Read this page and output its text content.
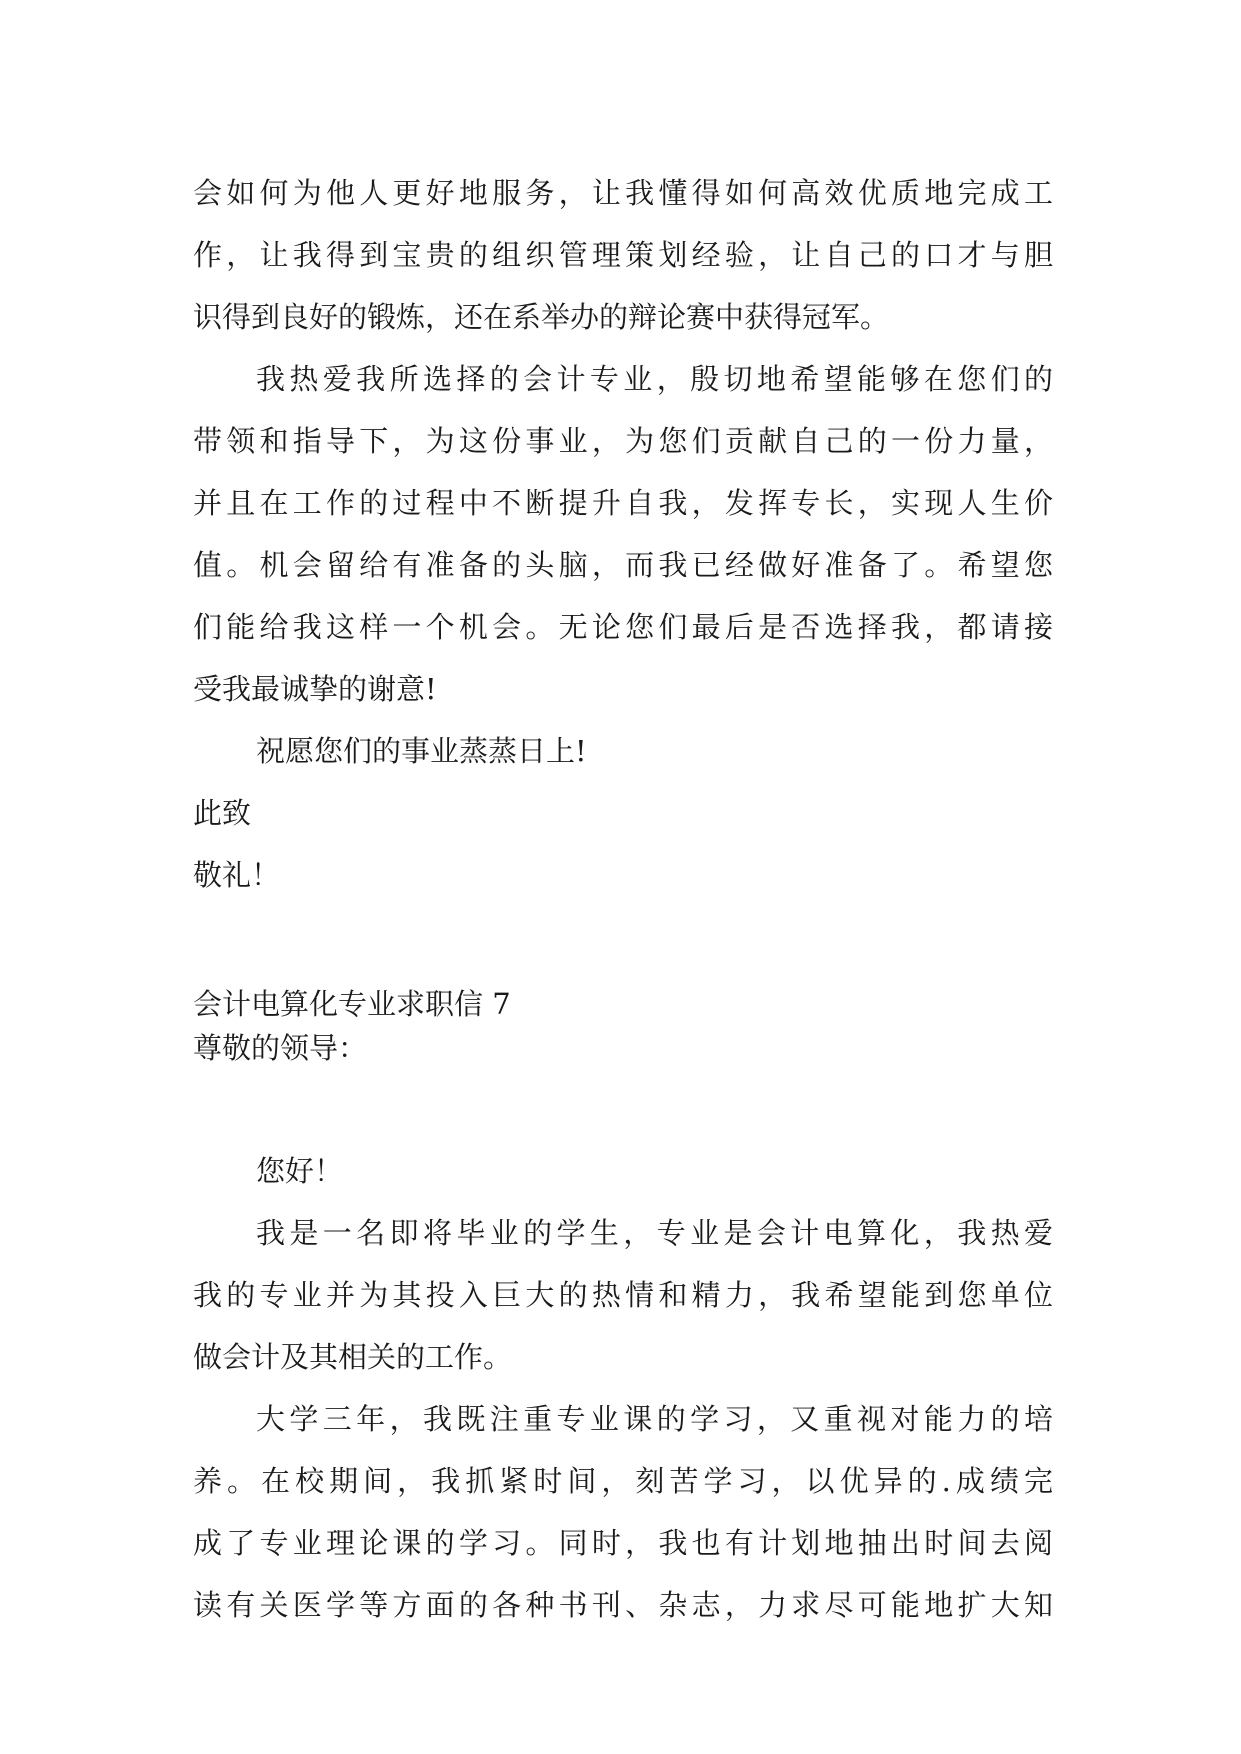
会如何为他人更好地服务，让我懂得如何高效优质地完成工
作，让我得到宝贵的组织管理策划经验，让自己的口才与胆
识得到良好的锻炼，还在系举办的辩论赛中获得冠军。
我热爱我所选择的会计专业，殷切地希望能够在您们的
带领和指导下，为这份事业，为您们贡献自己的一份力量，
并且在工作的过程中不断提升自我，发挥专长，实现人生价
值。机会留给有准备的头脑，而我已经做好准备了。希望您
们能给我这样一个机会。无论您们最后是否选择我，都请接
受我最诚挚的谢意!
祝愿您们的事业蒸蒸日上!
此致
敬礼！
会计电算化专业求职信 7
尊敬的领导：
您好！
我是一名即将毕业的学生，专业是会计电算化，我热爱
我的专业并为其投入巨大的热情和精力，我希望能到您单位
做会计及其相关的工作。
大学三年，我既注重专业课的学习，又重视对能力的培
养。在校期间，我抓紧时间，刻苦学习，以优异的.成绩完
成了专业理论课的学习。同时，我也有计划地抽出时间去阅
读有关医学等方面的各种书刊、杂志，力求尽可能地扩大知
